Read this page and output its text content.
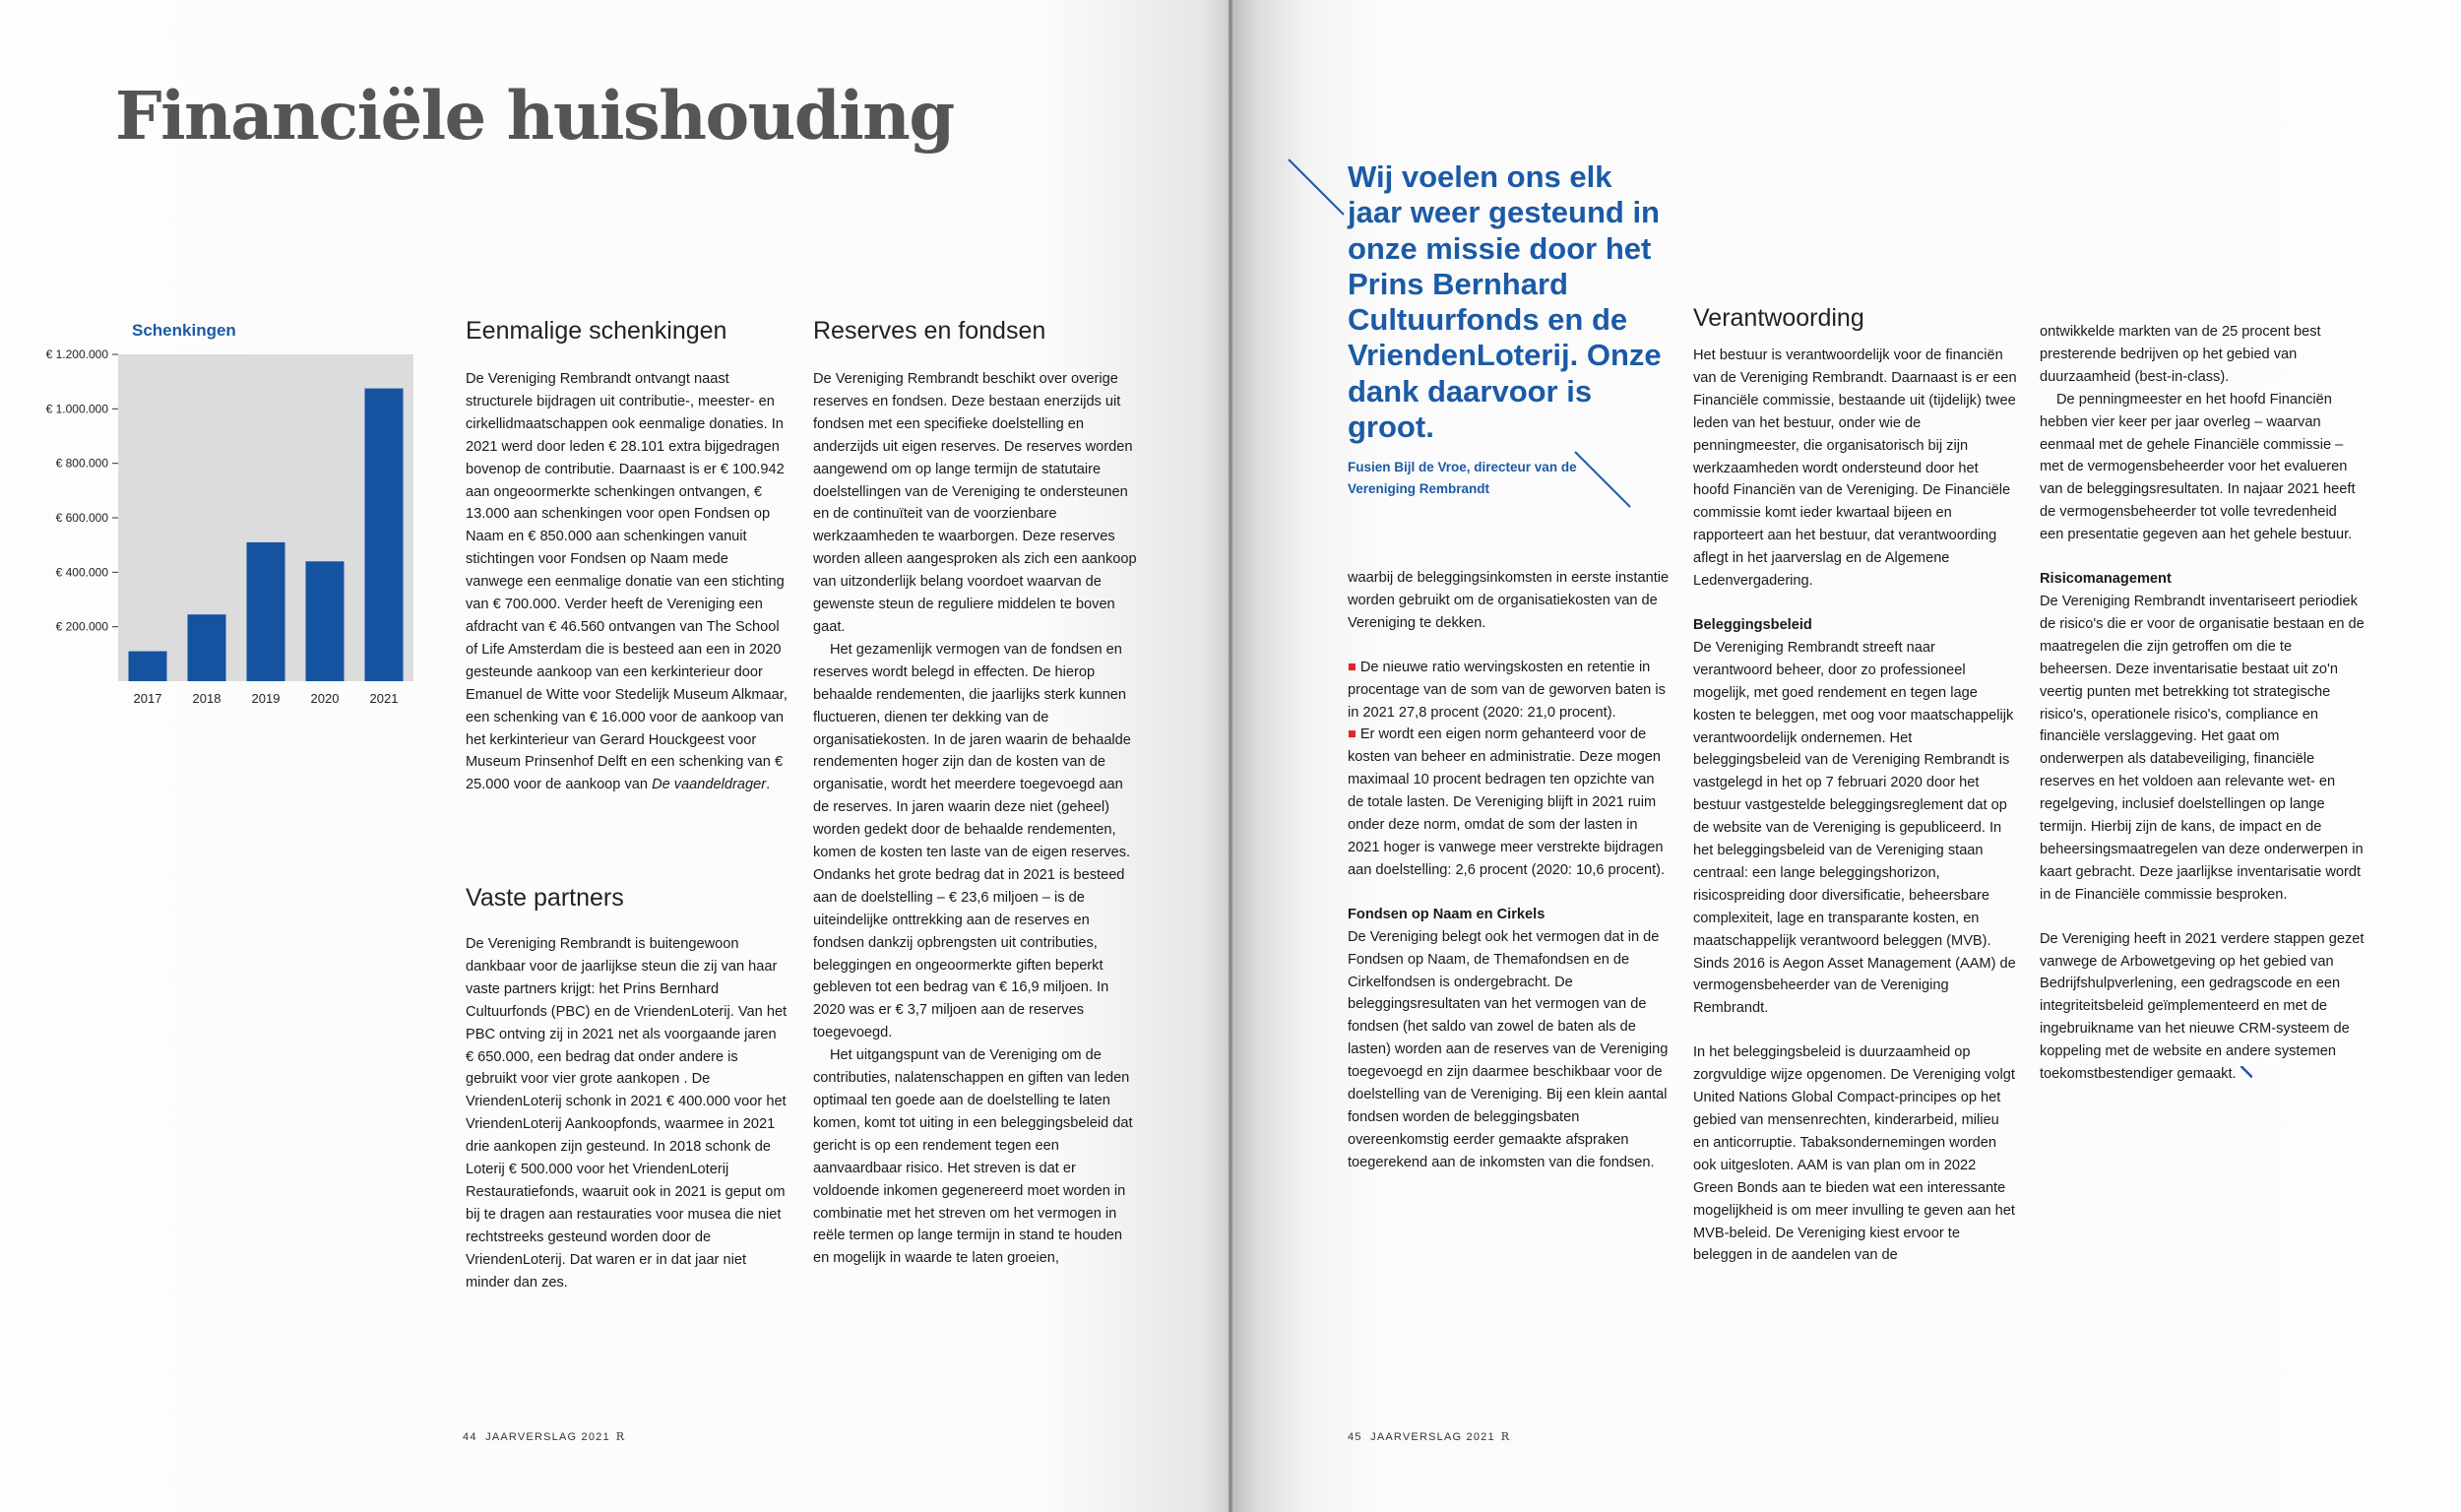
Financiële huishouding
Schenkingen
€ 200.000
€ 400.000
€ 600.000
€ 800.000
€ 1.000.000
€ 1.200.000
2017 2018 2019 2020 2021
Eenmalige schenkingen

De Vereniging Rembrandt ontvangt naast structurele bijdragen uit contributie-, meester- en cirkellidmaatschappen ook eenmalige donaties. In 2021 werd door leden € 28.101 extra bijgedragen bovenop de contributie. Daarnaast is er € 100.942 aan ongeoormerkte schenkingen ontvangen, € 13.000 aan schenkingen voor open Fondsen op Naam en € 850.000 aan schenkingen vanuit stichtingen voor Fondsen op Naam mede vanwege een eenmalige donatie van een stichting van € 700.000. Verder heeft de Vereniging een afdracht van € 46.560 ontvangen van The School of Life Amsterdam die is besteed aan een in 2020 gesteunde aankoop van een kerkinterieur door Emanuel de Witte voor Stedelijk Museum Alkmaar, een schenking van € 16.000 voor de aankoop van het kerkinterieur van Gerard Houckgeest voor Museum Prinsenhof Delft en een schenking van € 25.000 voor de aankoop van De vaandeldrager.

Vaste partners

De Vereniging Rembrandt is buitengewoon dankbaar voor de jaarlijkse steun die zij van haar vaste partners krijgt: het Prins Bernhard Cultuurfonds (PBC) en de VriendenLoterij. Van het PBC ontving zij in 2021 net als voorgaande jaren € 650.000, een bedrag dat onder andere is gebruikt voor vier grote aankopen . De VriendenLoterij schonk in 2021 € 400.000 voor het VriendenLoterij Aankoopfonds, waarmee in 2021 drie aankopen zijn gesteund. In 2018 schonk de Loterij € 500.000 voor het VriendenLoterij Restauratiefonds, waaruit ook in 2021 is geput om bij te dragen aan restauraties voor musea die niet rechtstreeks gesteund worden door de VriendenLoterij. Dat waren er in dat jaar niet minder dan zes.

Reserves en fondsen

De Vereniging Rembrandt beschikt over overige reserves en fondsen. Deze bestaan enerzijds uit fondsen met een specifieke doelstelling en anderzijds uit eigen reserves. De reserves worden aangewend om op lange termijn de statutaire doelstellingen van de Vereniging te ondersteunen en de continuïteit van de voorzienbare werkzaamheden te waarborgen. Deze reserves worden alleen aangesproken als zich een aankoop van uitzonderlijk belang voordoet waarvan de gewenste steun de reguliere middelen te boven gaat.

Het gezamenlijk vermogen van de fondsen en reserves wordt belegd in effecten. De hierop behaalde rendementen, die jaarlijks sterk kunnen fluctueren, dienen ter dekking van de organisatiekosten. In de jaren waarin de behaalde rendementen hoger zijn dan de kosten van de organisatie, wordt het meerdere toegevoegd aan de reserves. In jaren waarin deze niet (geheel) worden gedekt door de behaalde rendementen, komen de kosten ten laste van de eigen reserves. Ondanks het grote bedrag dat in 2021 is besteed aan de doelstelling – € 23,6 miljoen – is de uiteindelijke onttrekking aan de reserves en fondsen dankzij opbrengsten uit contributies, beleggingen en ongeoormerkte giften beperkt gebleven tot een bedrag van € 16,9 miljoen. In 2020 was er € 3,7 miljoen aan de reserves toegevoegd.

Het uitgangspunt van de Vereniging om de contributies, nalatenschappen en giften van leden optimaal ten goede aan de doelstelling te laten komen, komt tot uiting in een beleggingsbeleid dat gericht is op een rendement tegen een aanvaardbaar risico. Het streven is dat er voldoende inkomen gegenereerd moet worden in combinatie met het streven om het vermogen in reële termen op lange termijn in stand te houden en mogelijk in waarde te laten groeien,

44 JAARVERSLAG 2021 R
Wij voelen ons elk jaar weer gesteund in onze missie door het Prins Bernhard Cultuurfonds en de VriendenLoterij. Onze dank daarvoor is groot.
Fusien Bijl de Vroe, directeur van de Vereniging Rembrandt

waarbij de beleggingsinkomsten in eerste instantie worden gebruikt om de organisatiekosten van de Vereniging te dekken.

■ De nieuwe ratio wervingskosten en retentie in procentage van de som van de geworven baten is in 2021 27,8 procent (2020: 21,0 procent).

■ Er wordt een eigen norm gehanteerd voor de kosten van beheer en administratie. Deze mogen maximaal 10 procent bedragen ten opzichte van de totale lasten. De Vereniging blijft in 2021 ruim onder deze norm, omdat de som der lasten in 2021 hoger is vanwege meer verstrekte bijdragen aan doelstelling: 2,6 procent (2020: 10,6 procent).

Fondsen op Naam en Cirkels

De Vereniging belegt ook het vermogen dat in de Fondsen op Naam, de Themafondsen en de Cirkelfondsen is ondergebracht. De beleggingsresultaten van het vermogen van de fondsen (het saldo van zowel de baten als de lasten) worden aan de reserves van de Vereniging toegevoegd en zijn daarmee beschikbaar voor de doelstelling van de Vereniging. Bij een klein aantal fondsen worden de beleggingsbaten overeenkomstig eerder gemaakte afspraken toegerekend aan de inkomsten van die fondsen.

Verantwoording

Het bestuur is verantwoordelijk voor de financiën van de Vereniging Rembrandt. Daarnaast is er een Financiële commissie, bestaande uit (tijdelijk) twee leden van het bestuur, onder wie de penningmeester, die organisatorisch bij zijn werkzaamheden wordt ondersteund door het hoofd Financiën van de Vereniging. De Financiële commissie komt ieder kwartaal bijeen en rapporteert aan het bestuur, dat verantwoording aflegt in het jaarverslag en de Algemene Ledenvergadering.

Beleggingsbeleid

De Vereniging Rembrandt streeft naar verantwoord beheer, door zo professioneel mogelijk, met goed rendement en tegen lage kosten te beleggen, met oog voor maatschappelijk verantwoordelijk ondernemen. Het beleggingsbeleid van de Vereniging Rembrandt is vastgelegd in het op 7 februari 2020 door het bestuur vastgestelde beleggingsreglement dat op de website van de Vereniging is gepubliceerd. In het beleggingsbeleid van de Vereniging staan centraal: een lange beleggingshorizon, risicospreiding door diversificatie, beheersbare complexiteit, lage en transparante kosten, en maatschappelijk verantwoord beleggen (MVB). Sinds 2016 is Aegon Asset Management (AAM) de vermogensbeheerder van de Vereniging Rembrandt.

In het beleggingsbeleid is duurzaamheid op zorgvuldige wijze opgenomen. De Vereniging volgt United Nations Global Compact-principes op het gebied van mensenrechten, kinderarbeid, milieu en anticorruptie. Tabaksondernemingen worden ook uitgesloten. AAM is van plan om in 2022 Green Bonds aan te bieden wat een interessante mogelijkheid is om meer invulling te geven aan het MVB-beleid. De Vereniging kiest ervoor te beleggen in de aandelen van de

ontwikkelde markten van de 25 procent best presterende bedrijven op het gebied van duurzaamheid (best-in-class).

De penningmeester en het hoofd Financiën hebben vier keer per jaar overleg – waarvan eenmaal met de gehele Financiële commissie – met de vermogensbeheerder voor het evalueren van de beleggingsresultaten. In najaar 2021 heeft de vermogensbeheerder tot volle tevredenheid een presentatie gegeven aan het gehele bestuur.

Risicomanagement

De Vereniging Rembrandt inventariseert periodiek de risico's die er voor de organisatie bestaan en de maatregelen die zijn getroffen om die te beheersen. Deze inventarisatie bestaat uit zo'n veertig punten met betrekking tot strategische risico's, operationele risico's, compliance en financiële verslaggeving. Het gaat om onderwerpen als databeveiliging, financiële reserves en het voldoen aan relevante wet- en regelgeving, inclusief doelstellingen op lange termijn. Hierbij zijn de kans, de impact en de beheersingsmaatregelen van deze onderwerpen in kaart gebracht. Deze jaarlijkse inventarisatie wordt in de Financiële commissie besproken.

De Vereniging heeft in 2021 verdere stappen gezet vanwege de Arbowetgeving op het gebied van Bedrijfshulpverlening, een gedragscode en een integriteitsbeleid geïmplementeerd en met de ingebruikname van het nieuwe CRM-systeem de koppeling met de website en andere systemen toekomstbestendiger gemaakt.

45 JAARVERSLAG 2021 R
